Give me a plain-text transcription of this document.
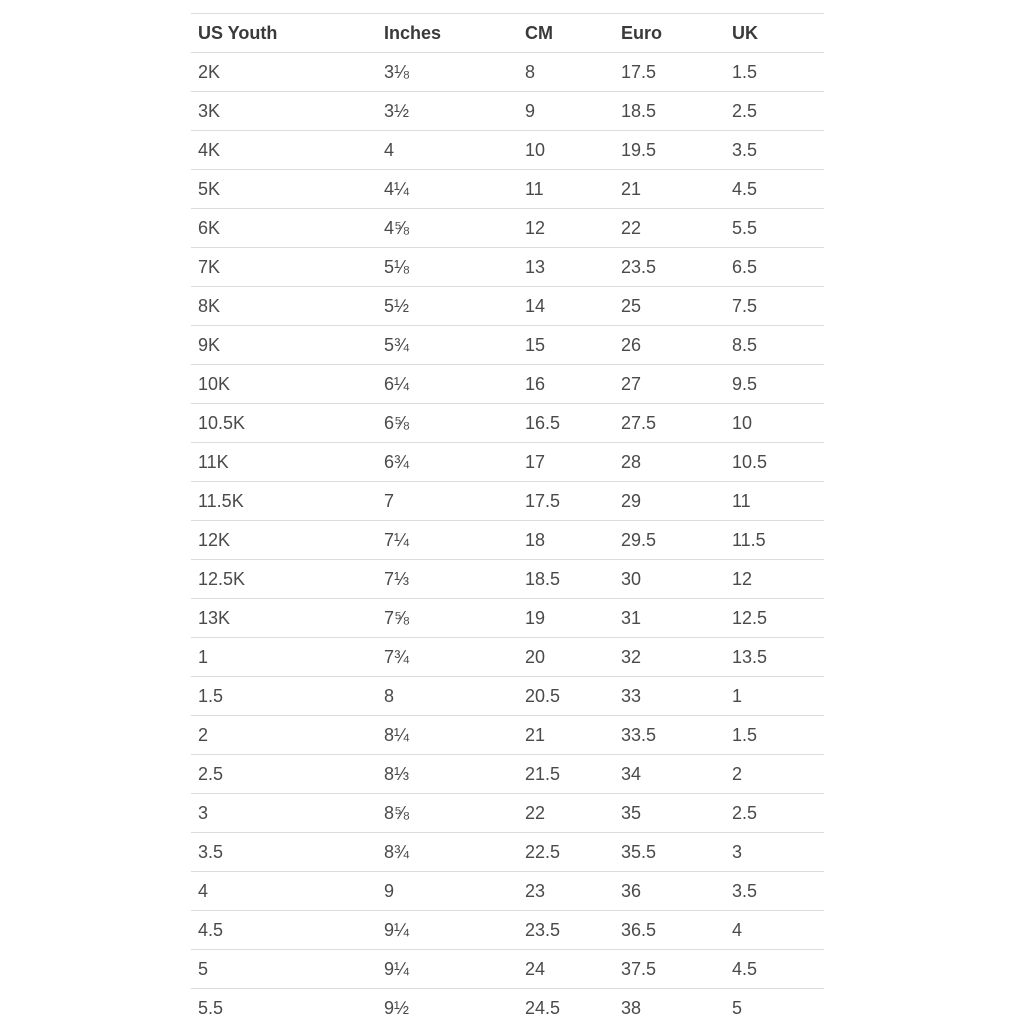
US Youth	Inches	CM	Euro	UK
2K	3⅛	8	17.5	1.5
3K	3½	9	18.5	2.5
4K	4	10	19.5	3.5
5K	4¼	11	21	4.5
6K	4⅝	12	22	5.5
7K	5⅛	13	23.5	6.5
8K	5½	14	25	7.5
9K	5¾	15	26	8.5
10K	6¼	16	27	9.5
10.5K	6⅝	16.5	27.5	10
11K	6¾	17	28	10.5
11.5K	7	17.5	29	11
12K	7¼	18	29.5	11.5
12.5K	7⅓	18.5	30	12
13K	7⅝	19	31	12.5
1	7¾	20	32	13.5
1.5	8	20.5	33	1
2	8¼	21	33.5	1.5
2.5	8⅓	21.5	34	2
3	8⅝	22	35	2.5
3.5	8¾	22.5	35.5	3
4	9	23	36	3.5
4.5	9¼	23.5	36.5	4
5	9¼	24	37.5	4.5
5.5	9½	24.5	38	5
